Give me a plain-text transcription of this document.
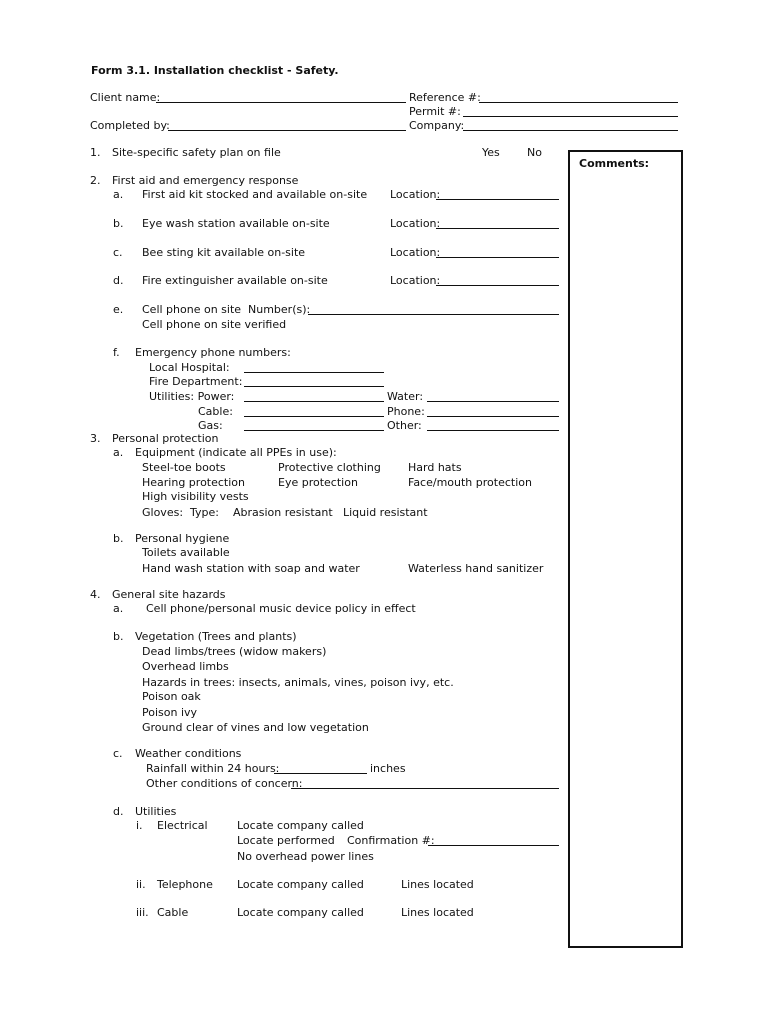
Form 3.1. Installation checklist - Safety.
Client name:	Reference #:
Permit #:
Completed by:	Company:
Comments:
1. Site-specific safety plan on file	Yes No
2. First aid and emergency response
a. First aid kit stocked and available on-site Location:
b. Eye wash station available on-site	Location:
c. Bee sting kit available on-site	Location:
d. Fire extinguisher available on-site	Location:
e. Cell phone on site Number(s):
Cell phone on site verified
f. Emergency phone numbers:
Local Hospital:
Fire Department:
Utilities: Power:	Water:
Cable:	Phone:
Gas:	Other:
3. Personal protection
a. Equipment (indicate all PPEs in use):
Steel-toe boots	Protective clothing Hard hats
Hearing protection	Eye protection	Face/mouth protection
High visibility vests
Gloves: Type: Abrasion resistant Liquid resistant
b. Personal hygiene
Toilets available
Hand wash station with soap and water	Waterless hand sanitizer
4. General site hazards
a. Cell phone/personal music device policy in effect
b. Vegetation (Trees and plants)
Dead limbs/trees (widow makers)
Overhead limbs
Hazards in trees: insects, animals, vines, poison ivy, etc.
Poison oak
Poison ivy
Ground clear of vines and low vegetation
c. Weather conditions
Rainfall within 24 hours:	inches
Other conditions of concern:
d. Utilities
i. Electrical	Locate company called
Locate performed Confirmation #:
No overhead power lines
ii. Telephone Locate company called	Lines located
iii. Cable	Locate company called	Lines located
